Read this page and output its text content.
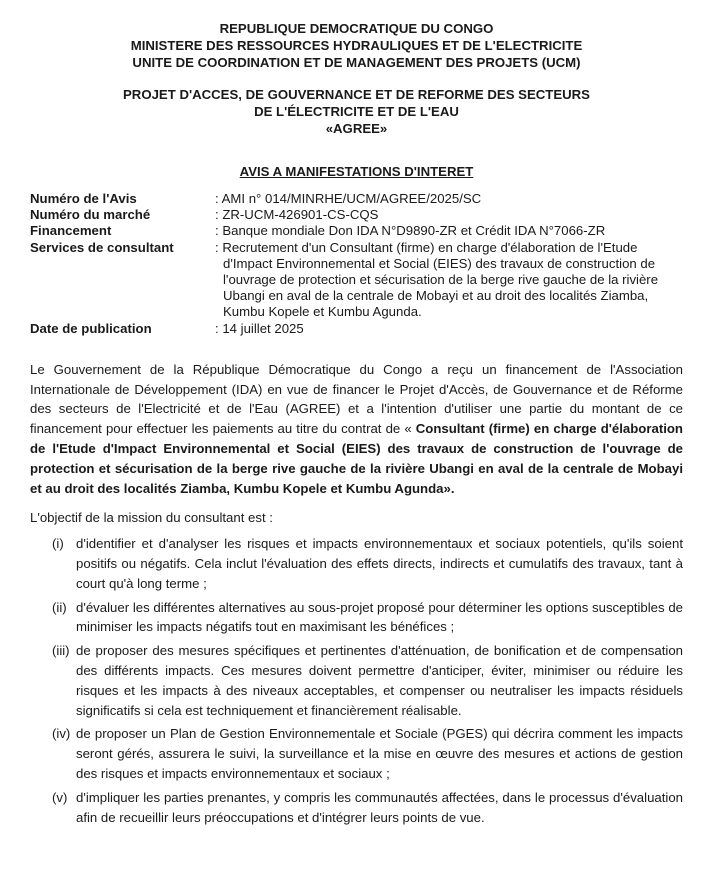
REPUBLIQUE DEMOCRATIQUE DU CONGO
MINISTERE DES RESSOURCES HYDRAULIQUES ET DE L'ELECTRICITE
UNITE DE COORDINATION ET DE MANAGEMENT DES PROJETS (UCM)
PROJET D'ACCES, DE GOUVERNANCE ET DE REFORME DES SECTEURS
DE L'ÉLECTRICITE ET DE L'EAU
«AGREE»
AVIS A MANIFESTATIONS D'INTERET
Numéro de l'Avis	: AMI n° 014/MINRHE/UCM/AGREE/2025/SC
Numéro du marché	: ZR-UCM-426901-CS-CQS
Financement	: Banque mondiale Don IDA N°D9890-ZR et Crédit IDA N°7066-ZR
Services de consultant	: Recrutement d'un Consultant (firme) en charge d'élaboration de l'Etude d'Impact Environnemental et Social (EIES) des travaux de construction de l'ouvrage de protection et sécurisation de la berge rive gauche de la rivière Ubangi en aval de la centrale de Mobayi et au droit des localités Ziamba, Kumbu Kopele et Kumbu Agunda.
Date de publication	: 14 juillet 2025
Le Gouvernement de la République Démocratique du Congo a reçu un financement de l'Association Internationale de Développement (IDA) en vue de financer le Projet d'Accès, de Gouvernance et de Réforme des secteurs de l'Electricité et de l'Eau (AGREE) et a l'intention d'utiliser une partie du montant de ce financement pour effectuer les paiements au titre du contrat de « Consultant (firme) en charge d'élaboration de l'Etude d'Impact Environnemental et Social (EIES) des travaux de construction de l'ouvrage de protection et sécurisation de la berge rive gauche de la rivière Ubangi en aval de la centrale de Mobayi et au droit des localités Ziamba, Kumbu Kopele et Kumbu Agunda».
L'objectif de la mission du consultant est :
(i) d'identifier et d'analyser les risques et impacts environnementaux et sociaux potentiels, qu'ils soient positifs ou négatifs. Cela inclut l'évaluation des effets directs, indirects et cumulatifs des travaux, tant à court qu'à long terme ;
(ii) d'évaluer les différentes alternatives au sous-projet proposé pour déterminer les options susceptibles de minimiser les impacts négatifs tout en maximisant les bénéfices ;
(iii) de proposer des mesures spécifiques et pertinentes d'atténuation, de bonification et de compensation des différents impacts. Ces mesures doivent permettre d'anticiper, éviter, minimiser ou réduire les risques et les impacts à des niveaux acceptables, et compenser ou neutraliser les impacts résiduels significatifs si cela est techniquement et financièrement réalisable.
(iv) de proposer un Plan de Gestion Environnementale et Sociale (PGES) qui décrira comment les impacts seront gérés, assurera le suivi, la surveillance et la mise en œuvre des mesures et actions de gestion des risques et impacts environnementaux et sociaux ;
(v) d'impliquer les parties prenantes, y compris les communautés affectées, dans le processus d'évaluation afin de recueillir leurs préoccupations et d'intégrer leurs points de vue.
